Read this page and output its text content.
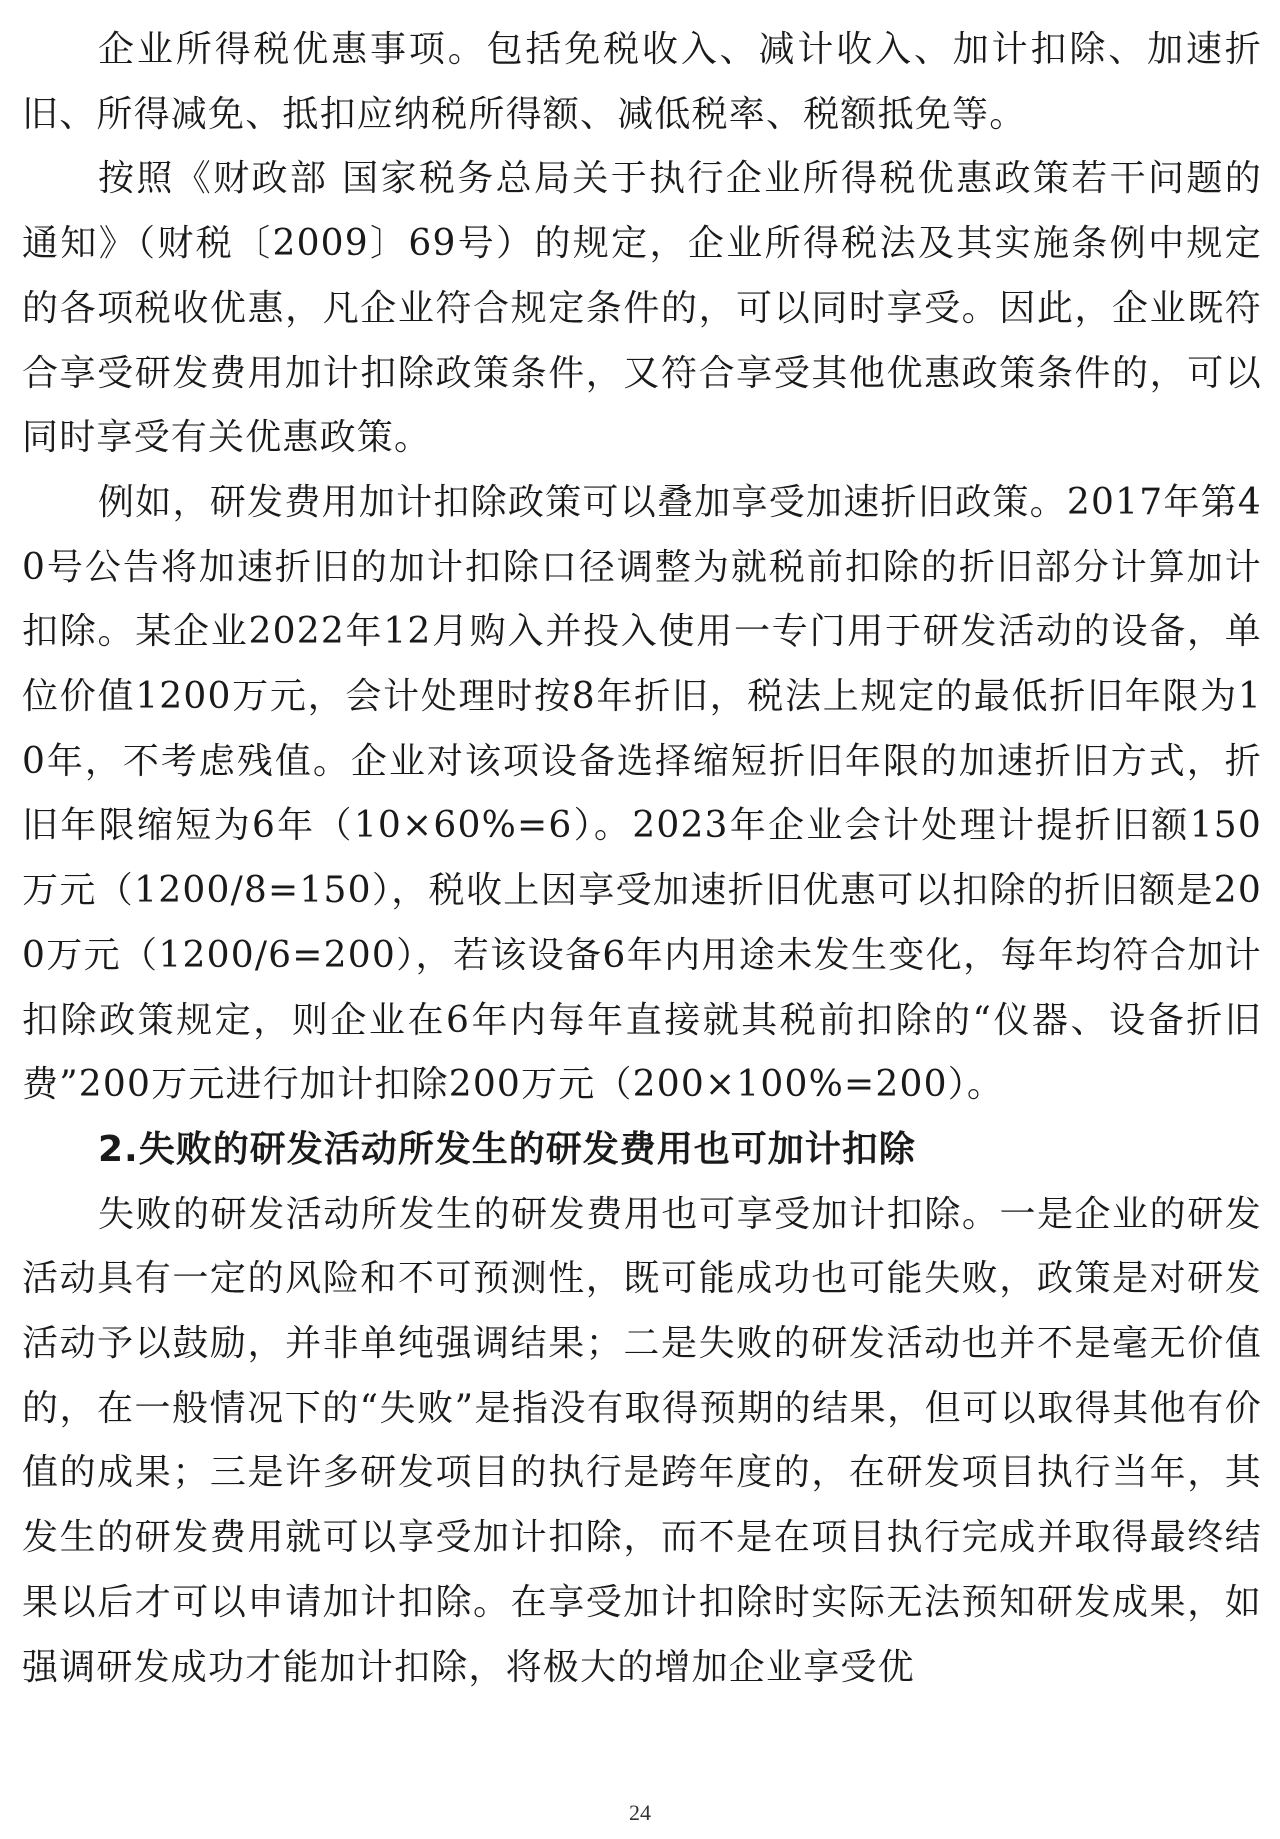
企业所得税优惠事项。包括免税收入、减计收入、加计扣除、加速折旧、所得减免、抵扣应纳税所得额、减低税率、税额抵免等。

按照《财政部 国家税务总局关于执行企业所得税优惠政策若干问题的通知》（财税〔2009〕69号）的规定，企业所得税法及其实施条例中规定的各项税收优惠，凡企业符合规定条件的，可以同时享受。因此，企业既符合享受研发费用加计扣除政策条件，又符合享受其他优惠政策条件的，可以同时享受有关优惠政策。

例如，研发费用加计扣除政策可以叠加享受加速折旧政策。2017年第40号公告将加速折旧的加计扣除口径调整为就税前扣除的折旧部分计算加计扣除。某企业2022年12月购入并投入使用一专门用于研发活动的设备，单位价值1200万元，会计处理时按8年折旧，税法上规定的最低折旧年限为10年，不考虑残值。企业对该项设备选择缩短折旧年限的加速折旧方式，折旧年限缩短为6年（10×60%=6）。2023年企业会计处理计提折旧额150万元（1200/8=150），税收上因享受加速折旧优惠可以扣除的折旧额是200万元（1200/6=200），若该设备6年内用途未发生变化，每年均符合加计扣除政策规定，则企业在6年内每年直接就其税前扣除的“仪器、设备折旧费”200万元进行加计扣除200万元（200×100%=200）。

2.失败的研发活动所发生的研发费用也可加计扣除

失败的研发活动所发生的研发费用也可享受加计扣除。一是企业的研发活动具有一定的风险和不可预测性，既可能成功也可能失败，政策是对研发活动予以鼓励，并非单纯强调结果；二是失败的研发活动也并不是毫无价值的，在一般情况下的“失败”是指没有取得预期的结果，但可以取得其他有价值的成果；三是许多研发项目的执行是跨年度的，在研发项目执行当年，其发生的研发费用就可以享受加计扣除，而不是在项目执行完成并取得最终结果以后才可以申请加计扣除。在享受加计扣除时实际无法预知研发成果，如强调研发成功才能加计扣除，将极大的增加企业享受优

24
